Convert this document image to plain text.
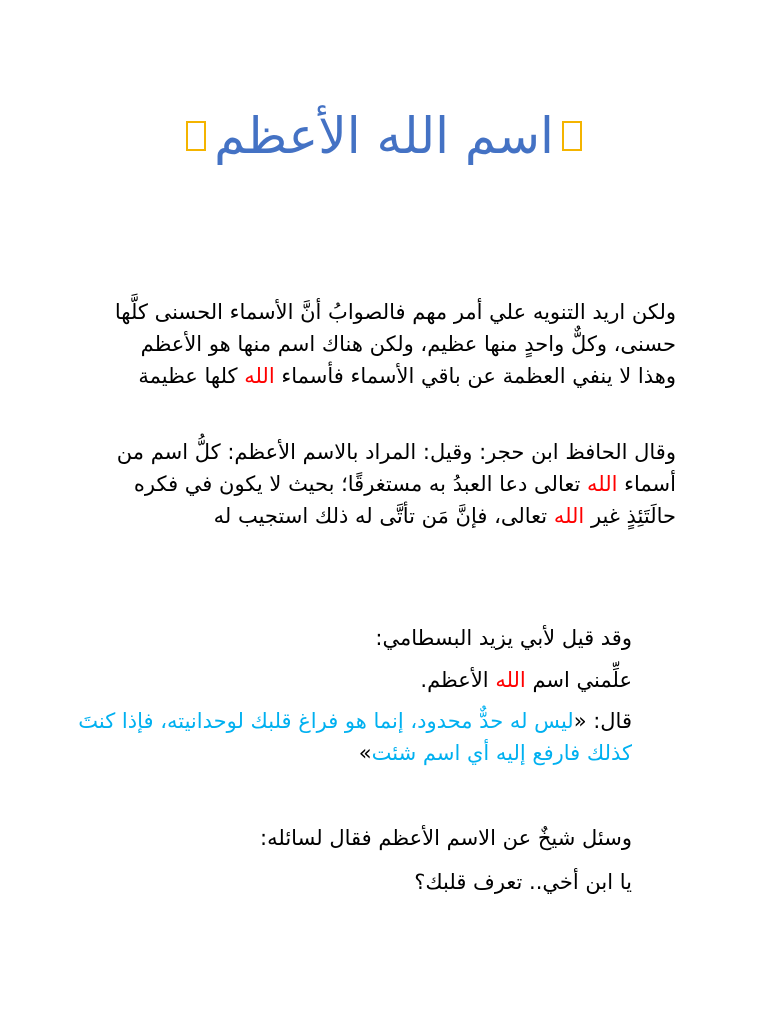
اسم الله الأعظم

ولكن اريد التنويه علي أمر مهم فالصوابُ أنَّ الأسماء الحسنى كلَّها حسنى، وكلٌّ واحدٍ منها عظيم، ولكن هناك اسم منها هو الأعظم وهذا لا ينفي العظمة عن باقي الأسماء فأسماء الله كلها عظيمة

وقال الحافظ ابن حجر: وقيل: المراد بالاسم الأعظم: كلُّ اسم من أسماء الله تعالى دعا العبدُ به مستغرقًا؛ بحيث لا يكون في فكره حالَتَئِذٍ غير الله تعالى، فإنَّ مَن تأتَّى له ذلك استجيب له

وقد قيل لأبي يزيد البسطامي:

علِّمني اسم الله الأعظم.

قال: «ليس له حدٌّ محدود، إنما هو فراغ قلبك لوحدانيته، فإذا كنتَ كذلك فارفع إليه أي اسم شئت»

وسئل شيخٌ عن الاسم الأعظم فقال لسائله:

يا ابن أخي.. تعرف قلبك؟
